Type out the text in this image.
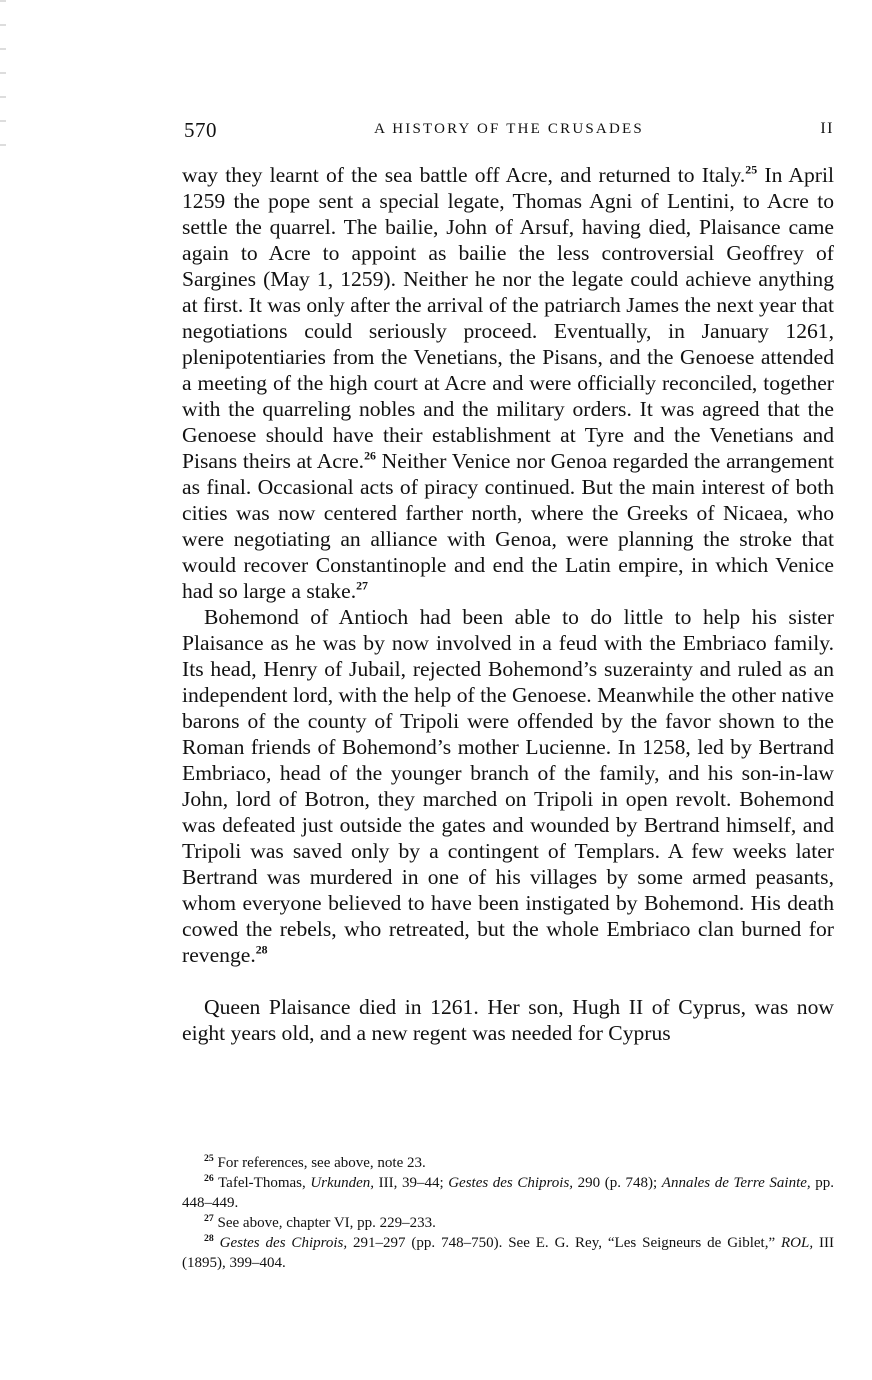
570	A HISTORY OF THE CRUSADES	II

way they learnt of the sea battle off Acre, and returned to Italy.$^{25}$ In April 1259 the pope sent a special legate, Thomas Agni of Lentini, to Acre to settle the quarrel. The bailie, John of Arsuf, having died, Plaisance came again to Acre to appoint as bailie the less controversial Geoffrey of Sargines (May 1, 1259). Neither he nor the legate could achieve anything at first. It was only after the arrival of the patriarch James the next year that negotiations could seriously proceed. Eventually, in January 1261, plenipotentiaries from the Venetians, the Pisans, and the Genoese attended a meeting of the high court at Acre and were officially reconciled, together with the quarreling nobles and the military orders. It was agreed that the Genoese should have their establishment at Tyre and the Venetians and Pisans theirs at Acre.$^{26}$ Neither Venice nor Genoa regarded the arrangement as final. Occasional acts of piracy continued. But the main interest of both cities was now centered farther north, where the Greeks of Nicaea, who were negotiating an alliance with Genoa, were planning the stroke that would recover Constantinople and end the Latin empire, in which Venice had so large a stake.$^{27}$

Bohemond of Antioch had been able to do little to help his sister Plaisance as he was by now involved in a feud with the Embriaco family. Its head, Henry of Jubail, rejected Bohemond’s suzerainty and ruled as an independent lord, with the help of the Genoese. Meanwhile the other native barons of the county of Tripoli were offended by the favor shown to the Roman friends of Bohemond’s mother Lucienne. In 1258, led by Bertrand Embriaco, head of the younger branch of the family, and his son-in-law John, lord of Botron, they marched on Tripoli in open revolt. Bohemond was defeated just outside the gates and wounded by Bertrand himself, and Tripoli was saved only by a contingent of Templars. A few weeks later Bertrand was murdered in one of his villages by some armed peasants, whom everyone believed to have been instigated by Bohemond. His death cowed the rebels, who retreated, but the whole Embriaco clan burned for revenge.$^{28}$

Queen Plaisance died in 1261. Her son, Hugh II of Cyprus, was now eight years old, and a new regent was needed for Cyprus

$^{25}$ For references, see above, note 23.

$^{26}$ Tafel-Thomas, Urkunden, III, 39–44; Gestes des Chiprois, 290 (p. 748); Annales de Terre Sainte, pp. 448–449.

$^{27}$ See above, chapter VI, pp. 229–233.

$^{28}$ Gestes des Chiprois, 291–297 (pp. 748–750). See E. G. Rey, “Les Seigneurs de Giblet,” ROL, III (1895), 399–404.
